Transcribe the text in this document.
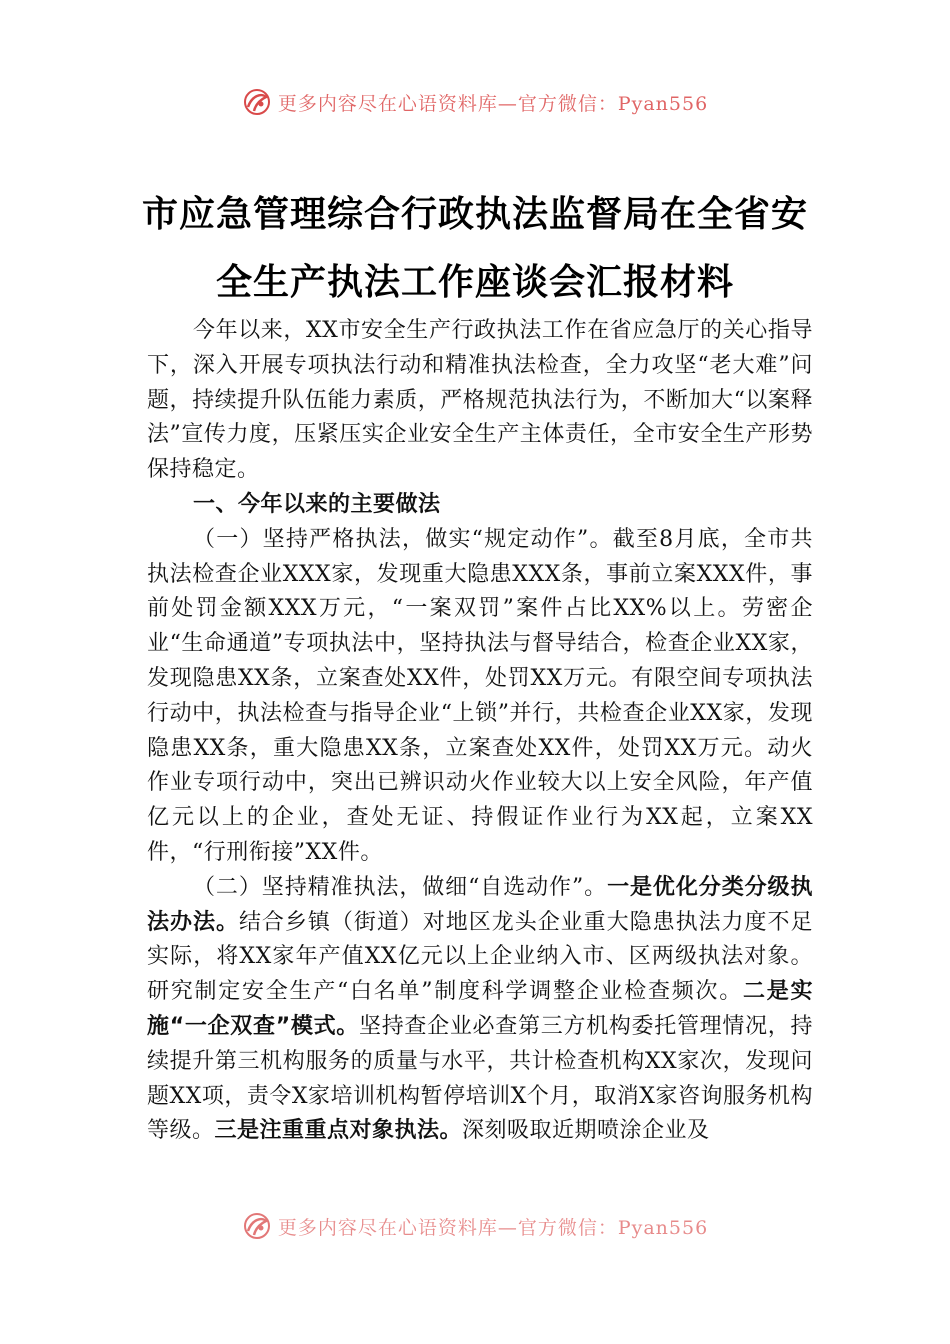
更多内容尽在心语资料库—官方微信：Pyan556
市应急管理综合行政执法监督局在全省安
全生产执法工作座谈会汇报材料

今年以来，XX市安全生产行政执法工作在省应急厅的关心指导下，深入开展专项执法行动和精准执法检查，全力攻坚“老大难”问题，持续提升队伍能力素质，严格规范执法行为，不断加大“以案释法”宣传力度，压紧压实企业安全生产主体责任，全市安全生产形势保持稳定。

一、今年以来的主要做法

（一）坚持严格执法，做实“规定动作”。截至8月底，全市共执法检查企业XXX家，发现重大隐患XXX条，事前立案XXX件，事前处罚金额XXX万元，“一案双罚”案件占比XX%以上。劳密企业“生命通道”专项执法中，坚持执法与督导结合，检查企业XX家，发现隐患XX条，立案查处XX件，处罚XX万元。有限空间专项执法行动中，执法检查与指导企业“上锁”并行，共检查企业XX家，发现隐患XX条，重大隐患XX条，立案查处XX件，处罚XX万元。动火作业专项行动中，突出已辨识动火作业较大以上安全风险，年产值亿元以上的企业，查处无证、持假证作业行为XX起，立案XX件，“行刑衔接”XX件。

（二）坚持精准执法，做细“自选动作”。一是优化分类分级执法办法。结合乡镇（街道）对地区龙头企业重大隐患执法力度不足实际，将XX家年产值XX亿元以上企业纳入市、区两级执法对象。研究制定安全生产“白名单”制度科学调整企业检查频次。二是实施“一企双查”模式。坚持查企业必查第三方机构委托管理情况，持续提升第三机构服务的质量与水平，共计检查机构XX家次，发现问题XX项，责令X家培训机构暂停培训X个月，取消X家咨询服务机构等级。三是注重重点对象执法。深刻吸取近期喷涂企业及

更多内容尽在心语资料库—官方微信：Pyan556
